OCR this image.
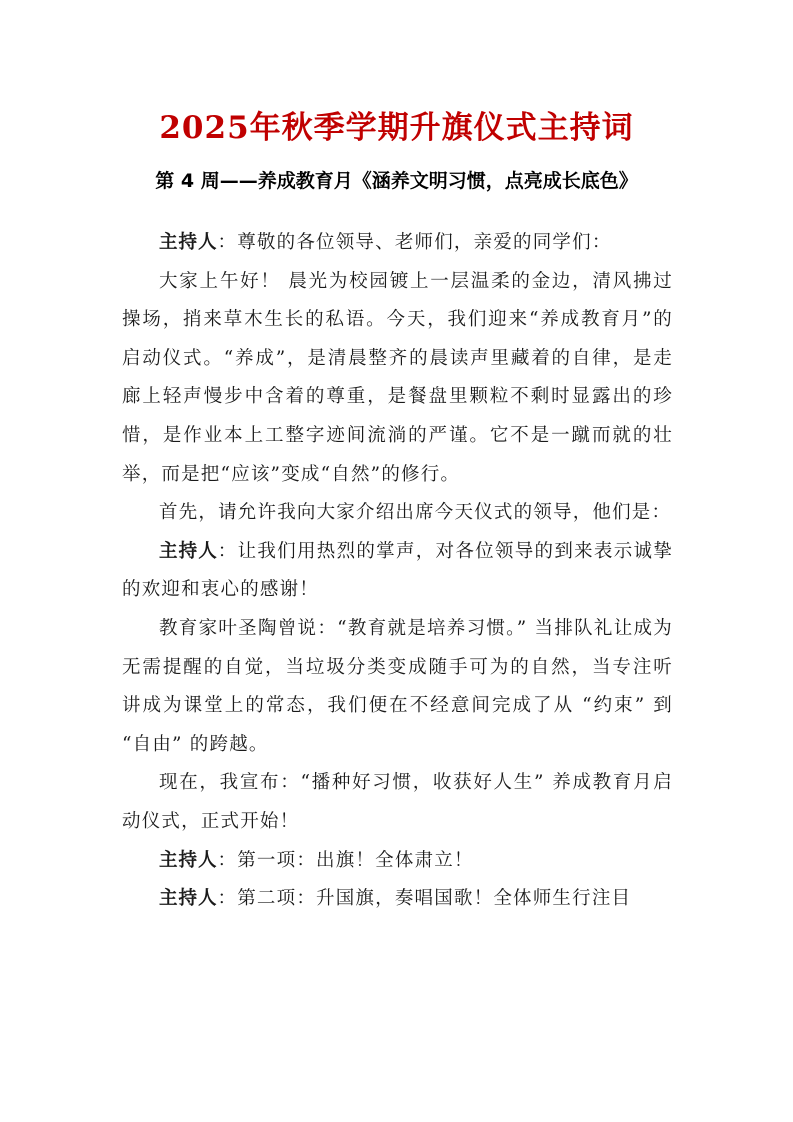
2025年秋季学期升旗仪式主持词
第 4 周——养成教育月《涵养文明习惯，点亮成长底色》

主持人：尊敬的各位领导、老师们，亲爱的同学们：

大家上午好！ 晨光为校园镀上一层温柔的金边，清风拂过操场，捎来草木生长的私语。今天，我们迎来“养成教育月”的启动仪式。“养成”，是清晨整齐的晨读声里藏着的自律，是走廊上轻声慢步中含着的尊重，是餐盘里颗粒不剩时显露出的珍惜，是作业本上工整字迹间流淌的严谨。它不是一蹴而就的壮举，而是把“应该”变成“自然”的修行。

首先，请允许我向大家介绍出席今天仪式的领导，他们是：

主持人：让我们用热烈的掌声，对各位领导的到来表示诚挚的欢迎和衷心的感谢！

教育家叶圣陶曾说：“教育就是培养习惯。” 当排队礼让成为无需提醒的自觉，当垃圾分类变成随手可为的自然，当专注听讲成为课堂上的常态，我们便在不经意间完成了从 “约束” 到 “自由” 的跨越。

现在，我宣布：“播种好习惯，收获好人生” 养成教育月启动仪式，正式开始！

主持人：第一项：出旗！全体肃立！

主持人：第二项：升国旗，奏唱国歌！全体师生行注目
